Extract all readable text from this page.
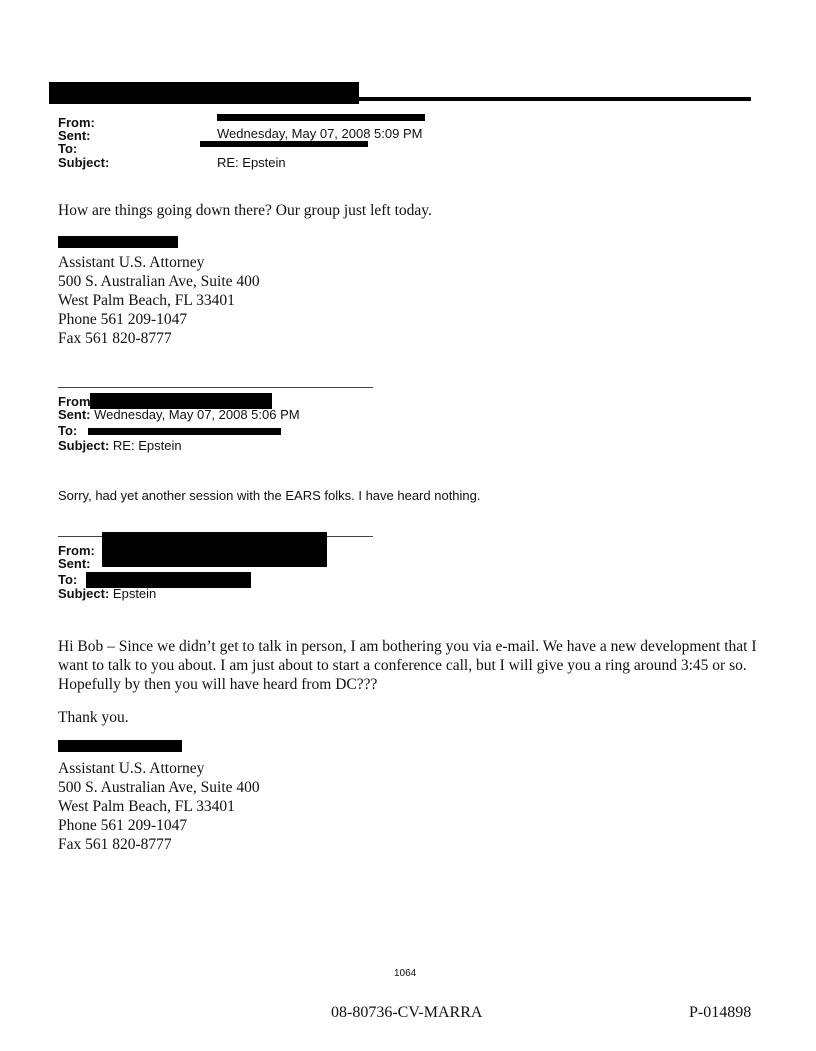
From:
Sent:
To:
Subject:
Wednesday, May 07, 2008 5:09 PM
RE: Epstein
How are things going down there? Our group just left today.
Assistant U.S. Attorney
500 S. Australian Ave, Suite 400
West Palm Beach, FL 33401
Phone 561 209-1047
Fax 561 820-8777
From
Sent: Wednesday, May 07, 2008 5:06 PM
To:
Subject: RE: Epstein
Sorry, had yet another session with the EARS folks. I have heard nothing.
From:
Sent:
To:
Subject: Epstein
Hi Bob – Since we didn’t get to talk in person, I am bothering you via e-mail. We have a new development that I want to talk to you about. I am just about to start a conference call, but I will give you a ring around 3:45 or so. Hopefully by then you will have heard from DC???
Thank you.
Assistant U.S. Attorney
500 S. Australian Ave, Suite 400
West Palm Beach, FL 33401
Phone 561 209-1047
Fax 561 820-8777
1064
08-80736-CV-MARRA	P-014898
